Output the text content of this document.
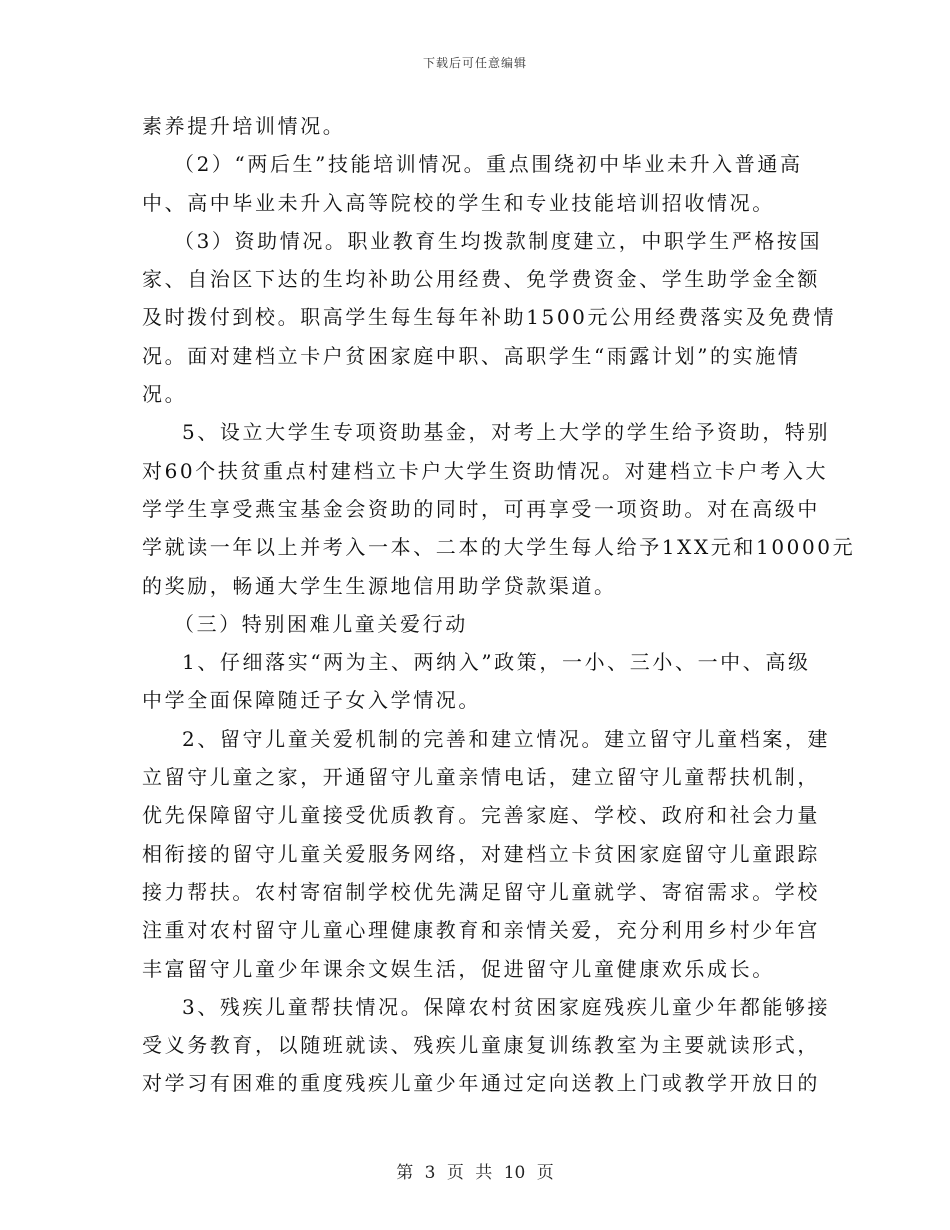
下载后可任意编辑
素养提升培训情况。
（2）“两后生”技能培训情况。重点围绕初中毕业未升入普通高
中、高中毕业未升入高等院校的学生和专业技能培训招收情况。
（3）资助情况。职业教育生均拨款制度建立，中职学生严格按国
家、自治区下达的生均补助公用经费、免学费资金、学生助学金全额
及时拨付到校。职高学生每生每年补助1500元公用经费落实及免费情
况。面对建档立卡户贫困家庭中职、高职学生“雨露计划”的实施情
况。
5、设立大学生专项资助基金，对考上大学的学生给予资助，特别
对60个扶贫重点村建档立卡户大学生资助情况。对建档立卡户考入大
学学生享受燕宝基金会资助的同时，可再享受一项资助。对在高级中
学就读一年以上并考入一本、二本的大学生每人给予1XX元和10000元
的奖励，畅通大学生生源地信用助学贷款渠道。
（三）特别困难儿童关爱行动
1、仔细落实“两为主、两纳入”政策，一小、三小、一中、高级
中学全面保障随迁子女入学情况。
2、留守儿童关爱机制的完善和建立情况。建立留守儿童档案，建
立留守儿童之家，开通留守儿童亲情电话，建立留守儿童帮扶机制，
优先保障留守儿童接受优质教育。完善家庭、学校、政府和社会力量
相衔接的留守儿童关爱服务网络，对建档立卡贫困家庭留守儿童跟踪
接力帮扶。农村寄宿制学校优先满足留守儿童就学、寄宿需求。学校
注重对农村留守儿童心理健康教育和亲情关爱，充分利用乡村少年宫
丰富留守儿童少年课余文娱生活，促进留守儿童健康欢乐成长。
3、残疾儿童帮扶情况。保障农村贫困家庭残疾儿童少年都能够接
受义务教育，以随班就读、残疾儿童康复训练教室为主要就读形式，
对学习有困难的重度残疾儿童少年通过定向送教上门或教学开放日的
第 3 页 共 10 页
